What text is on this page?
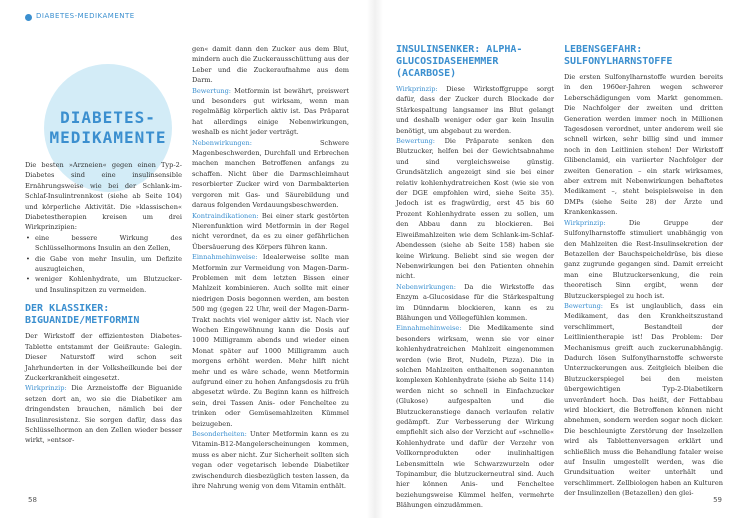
DIABETES-MEDIKAMENTE
DIABETES-
MEDIKAMENTE

Die besten »Arzneien« gegen einen Typ-2-Diabetes sind eine insulinsensible Ernährungsweise wie bei der Schlank-im-Schlaf-Insulintrennkost (siehe ab Seite 104) und körperliche Aktivität. Die »klassischen« Diabetestherapien kreisen um drei Wirkprinzipien:

• eine bessere Wirkung des Schlüsselhormons Insulin an den Zellen,
• die Gabe von mehr Insulin, um Defizite auszugleichen,
• weniger Kohlenhydrate, um Blutzucker- und Insulinspitzen zu vermeiden.
DER KLASSIKER: BIGUANIDE/METFORMIN

Der Wirkstoff der effizientesten Diabetes-Tablette entstammt der Geißraute: Galegin. Dieser Naturstoff wird schon seit Jahrhunderten in der Volksheilkunde bei der Zuckerkrankheit eingesetzt.

Wirkprinzip: Die Arzneistoffe der Biguanide setzen dort an, wo sie die Diabetiker am dringendsten brauchen, nämlich bei der Insulinresistenz. Sie sorgen dafür, dass das Schlüsselhormon an den Zellen wieder besser wirkt, »entsor-

gen« damit dann den Zucker aus dem Blut, mindern auch die Zuckerausschüttung aus der Leber und die Zuckeraufnahme aus dem Darm.

Bewertung: Metformin ist bewährt, preiswert und besonders gut wirksam, wenn man regelmäßig körperlich aktiv ist. Das Präparat hat allerdings einige Nebenwirkungen, weshalb es nicht jeder verträgt.

Nebenwirkungen: Schwere Magenbeschwerden, Durchfall und Erbrechen machen manchen Betroffenen anfangs zu schaffen. Nicht über die Darmschleimhaut resorbierter Zucker wird von Darmbakterien vergoren mit Gas- und Säurebildung und daraus folgenden Verdauungsbeschwerden.

Kontraindikationen: Bei einer stark gestörten Nierenfunktion wird Metformin in der Regel nicht verordnet, da es zu einer gefährlichen Übersäuerung des Körpers führen kann.

Einnahmehinweise: Idealerweise sollte man Metformin zur Vermeidung von Magen-Darm-Problemen mit dem letzten Bissen einer Mahlzeit kombinieren. Auch sollte mit einer niedrigen Dosis begonnen werden, am besten 500 mg (gegen 22 Uhr, weil der Magen-Darm-Trakt nachts viel weniger aktiv ist. Nach vier Wochen Eingewöhnung kann die Dosis auf 1000 Milligramm abends und wieder einen Monat später auf 1000 Milligramm auch morgens erhöht werden. Mehr hilft nicht mehr und es wäre schade, wenn Metformin aufgrund einer zu hohen Anfangsdosis zu früh abgesetzt würde. Zu Beginn kann es hilfreich sein, drei Tassen Anis- oder Fencheltee zu trinken oder Gemüsemahlzeiten Kümmel beizugeben.

Besonderheiten: Unter Metformin kann es zu Vitamin-B12-Mangelerscheinungen kommen, muss es aber nicht. Zur Sicherheit sollten sich vegan oder vegetarisch lebende Diabetiker zwischendurch diesbezüglich testen lassen, da ihre Nahrung wenig von dem Vitamin enthält.

58
INSULINSENKER: ALPHA-GLUCOSIDASEHEMMER (ACARBOSE)

Wirkprinzip: Diese Wirkstoffgruppe sorgt dafür, dass der Zucker durch Blockade der Stärkespaltung langsamer ins Blut gelangt und deshalb weniger oder gar kein Insulin benötigt, um abgebaut zu werden.

Bewertung: Die Präparate senken den Blutzucker, helfen bei der Gewichtsabnahme und sind vergleichsweise günstig. Grundsätzlich angezeigt sind sie bei einer relativ kohlenhydratreichen Kost (wie sie von der DGE empfohlen wird, siehe Seite 35). Jedoch ist es fragwürdig, erst 45 bis 60 Prozent Kohlenhydrate essen zu sollen, um den Abbau dann zu blockieren. Bei Eiweißmahlzeiten wie dem Schlank-im-Schlaf-Abendessen (siehe ab Seite 158) haben sie keine Wirkung. Beliebt sind sie wegen der Nebenwirkungen bei den Patienten ohnehin nicht.

Nebenwirkungen: Da die Wirkstoffe das Enzym a-Glucosidase für die Stärkespaltung im Dünndarm blockieren, kann es zu Blähungen und Völlegefühlen kommen.

Einnahmehinweise: Die Medikamente sind besonders wirksam, wenn sie vor einer kohlenhydratreichen Mahlzeit eingenommen werden (wie Brot, Nudeln, Pizza). Die in solchen Mahlzeiten enthaltenen sogenannten komplexen Kohlenhydrate (siehe ab Seite 114) werden nicht so schnell in Einfachzucker (Glukose) aufgespalten und die Blutzuckeranstiege danach verlaufen relativ gedämpft. Zur Verbesserung der Wirkung empfiehlt sich also der Verzicht auf »schnelle« Kohlenhydrate und dafür der Verzehr von Vollkornprodukten oder inulinhaltigen Lebensmitteln wie Schwarzwurzeln oder Topinambur, die blutzuckerneutral sind. Auch hier können Anis- und Fencheltee beziehungsweise Kümmel helfen, vermehrte Blähungen einzudämmen.

LEBENSGEFAHR: SULFONYLHARNSTOFFE

Die ersten Sulfonylharnstoffe wurden bereits in den 1960er-Jahren wegen schwerer Leberschädigungen vom Markt genommen. Die Nachfolger der zweiten und dritten Generation werden immer noch in Millionen Tagesdosen verordnet, unter anderem weil sie schnell wirken, sehr billig sind und immer noch in den Leitlinien stehen! Der Wirkstoff Glibenclamid, ein variierter Nachfolger der zweiten Generation – ein stark wirksames, aber extrem mit Nebenwirkungen behaftetes Medikament –, steht beispielsweise in den DMPs (siehe Seite 28) der Ärzte und Krankenkassen.

Wirkprinzip: Die Gruppe der Sulfonylharnstoffe stimuliert unabhängig von den Mahlzeiten die Rest-Insulinsekretion der Betazellen der Bauchspeicheldrüse, bis diese ganz zugrunde gegangen sind. Damit erreicht man eine Blutzuckersenkung, die rein theoretisch Sinn ergibt, wenn der Blutzuckerspiegel zu hoch ist.

Bewertung: Es ist unglaublich, dass ein Medikament, das den Krankheitszustand verschlimmert, Bestandteil der Leitlinientherapie ist! Das Problem: Der Mechanismus greift auch zuckerunabhängig. Dadurch lösen Sulfonylharnstoffe schwerste Unterzuckerungen aus. Zeitgleich bleiben die Blutzuckerspiegel bei den meisten übergewichtigen Typ-2-Diabetikern unverändert hoch. Das heißt, der Fettabbau wird blockiert, die Betroffenen können nicht abnehmen, sondern werden sogar noch dicker. Die beschleunigte Zerstörung der Inselzellen wird als Tablettenversagen erklärt und schließlich muss die Behandlung fataler weise auf Insulin umgestellt werden, was die Grundsituation weiter unterhält und verschlimmert. Zellbiologen haben an Kulturen der Insulinzellen (Betazellen) den glei-

59
